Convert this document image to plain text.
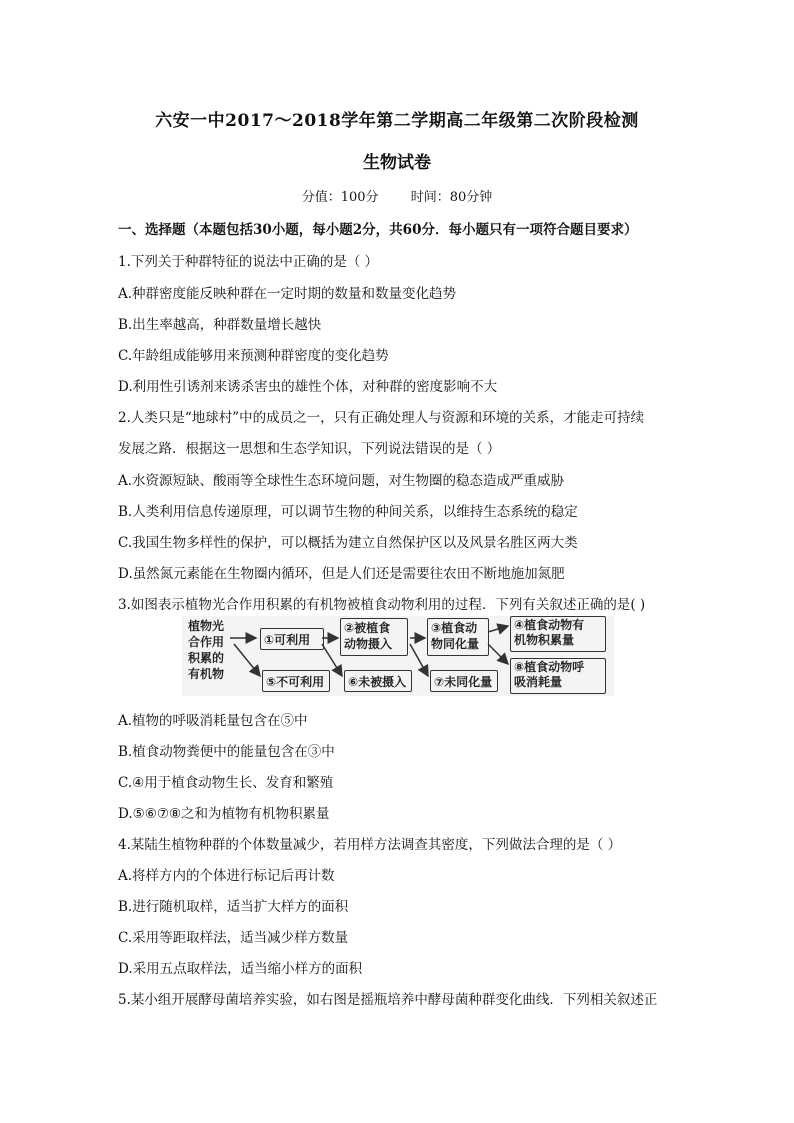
六安一中2017～2018学年第二学期高二年级第二次阶段检测
生物试卷
分值：100分 时间：80分钟
一、选择题（本题包括30小题，每小题2分，共60分．每小题只有一项符合题目要求）
1.下列关于种群特征的说法中正确的是（ ）
A.种群密度能反映种群在一定时期的数量和数量变化趋势
B.出生率越高，种群数量增长越快
C.年龄组成能够用来预测种群密度的变化趋势
D.利用性引诱剂来诱杀害虫的雄性个体，对种群的密度影响不大
2.人类只是“地球村”中的成员之一，只有正确处理人与资源和环境的关系，才能走可持续
发展之路．根据这一思想和生态学知识，下列说法错误的是（ ）
A.水资源短缺、酸雨等全球性生态环境问题，对生物圈的稳态造成严重威胁
B.人类利用信息传递原理，可以调节生物的种间关系，以维持生态系统的稳定
C.我国生物多样性的保护，可以概括为建立自然保护区以及风景名胜区两大类
D.虽然氮元素能在生物圈内循环，但是人们还是需要往农田不断地施加氮肥
3.如图表示植物光合作用积累的有机物被植食动物利用的过程．下列有关叙述正确的是( )
植物光
合作用
积累的
有机物
①可利用
⑤不可利用
②被植食
动物摄入
⑥未被摄入
③植食动
物同化量
⑦未同化量
④植食动物有
机物积累量
⑧植食动物呼
吸消耗量
A.植物的呼吸消耗量包含在⑤中
B.植食动物粪便中的能量包含在③中
C.④用于植食动物生长、发育和繁殖
D.⑤⑥⑦⑧之和为植物有机物积累量
4.某陆生植物种群的个体数量减少，若用样方法调查其密度，下列做法合理的是（ ）
A.将样方内的个体进行标记后再计数
B.进行随机取样，适当扩大样方的面积
C.采用等距取样法，适当减少样方数量
D.采用五点取样法，适当缩小样方的面积
5.某小组开展酵母菌培养实验，如右图是摇瓶培养中酵母菌种群变化曲线．下列相关叙述正
